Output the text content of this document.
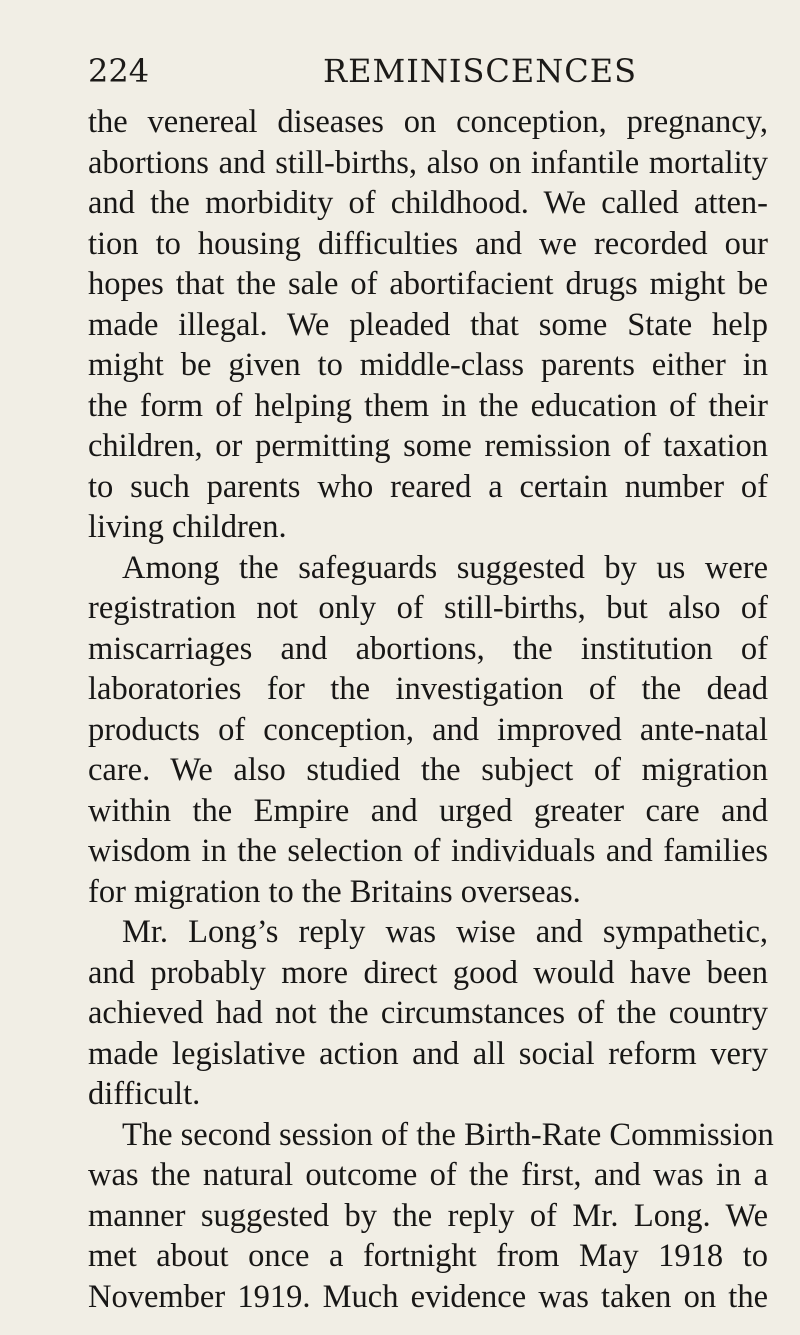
224	REMINISCENCES
the venereal diseases on conception, pregnancy,
abortions and still-births, also on infantile mortality
and the morbidity of childhood. We called atten-
tion to housing difficulties and we recorded our
hopes that the sale of abortifacient drugs might be
made illegal. We pleaded that some State help
might be given to middle-class parents either in
the form of helping them in the education of their
children, or permitting some remission of taxation
to such parents who reared a certain number of
living children.
Among the safeguards suggested by us were
registration not only of still-births, but also of
miscarriages and abortions, the institution of
laboratories for the investigation of the dead
products of conception, and improved ante-natal
care. We also studied the subject of migration
within the Empire and urged greater care and
wisdom in the selection of individuals and families
for migration to the Britains overseas.
Mr. Long’s reply was wise and sympathetic,
and probably more direct good would have been
achieved had not the circumstances of the country
made legislative action and all social reform very
difficult.
The second session of the Birth-Rate Commission
was the natural outcome of the first, and was in a
manner suggested by the reply of Mr. Long. We
met about once a fortnight from May 1918 to
November 1919. Much evidence was taken on the
